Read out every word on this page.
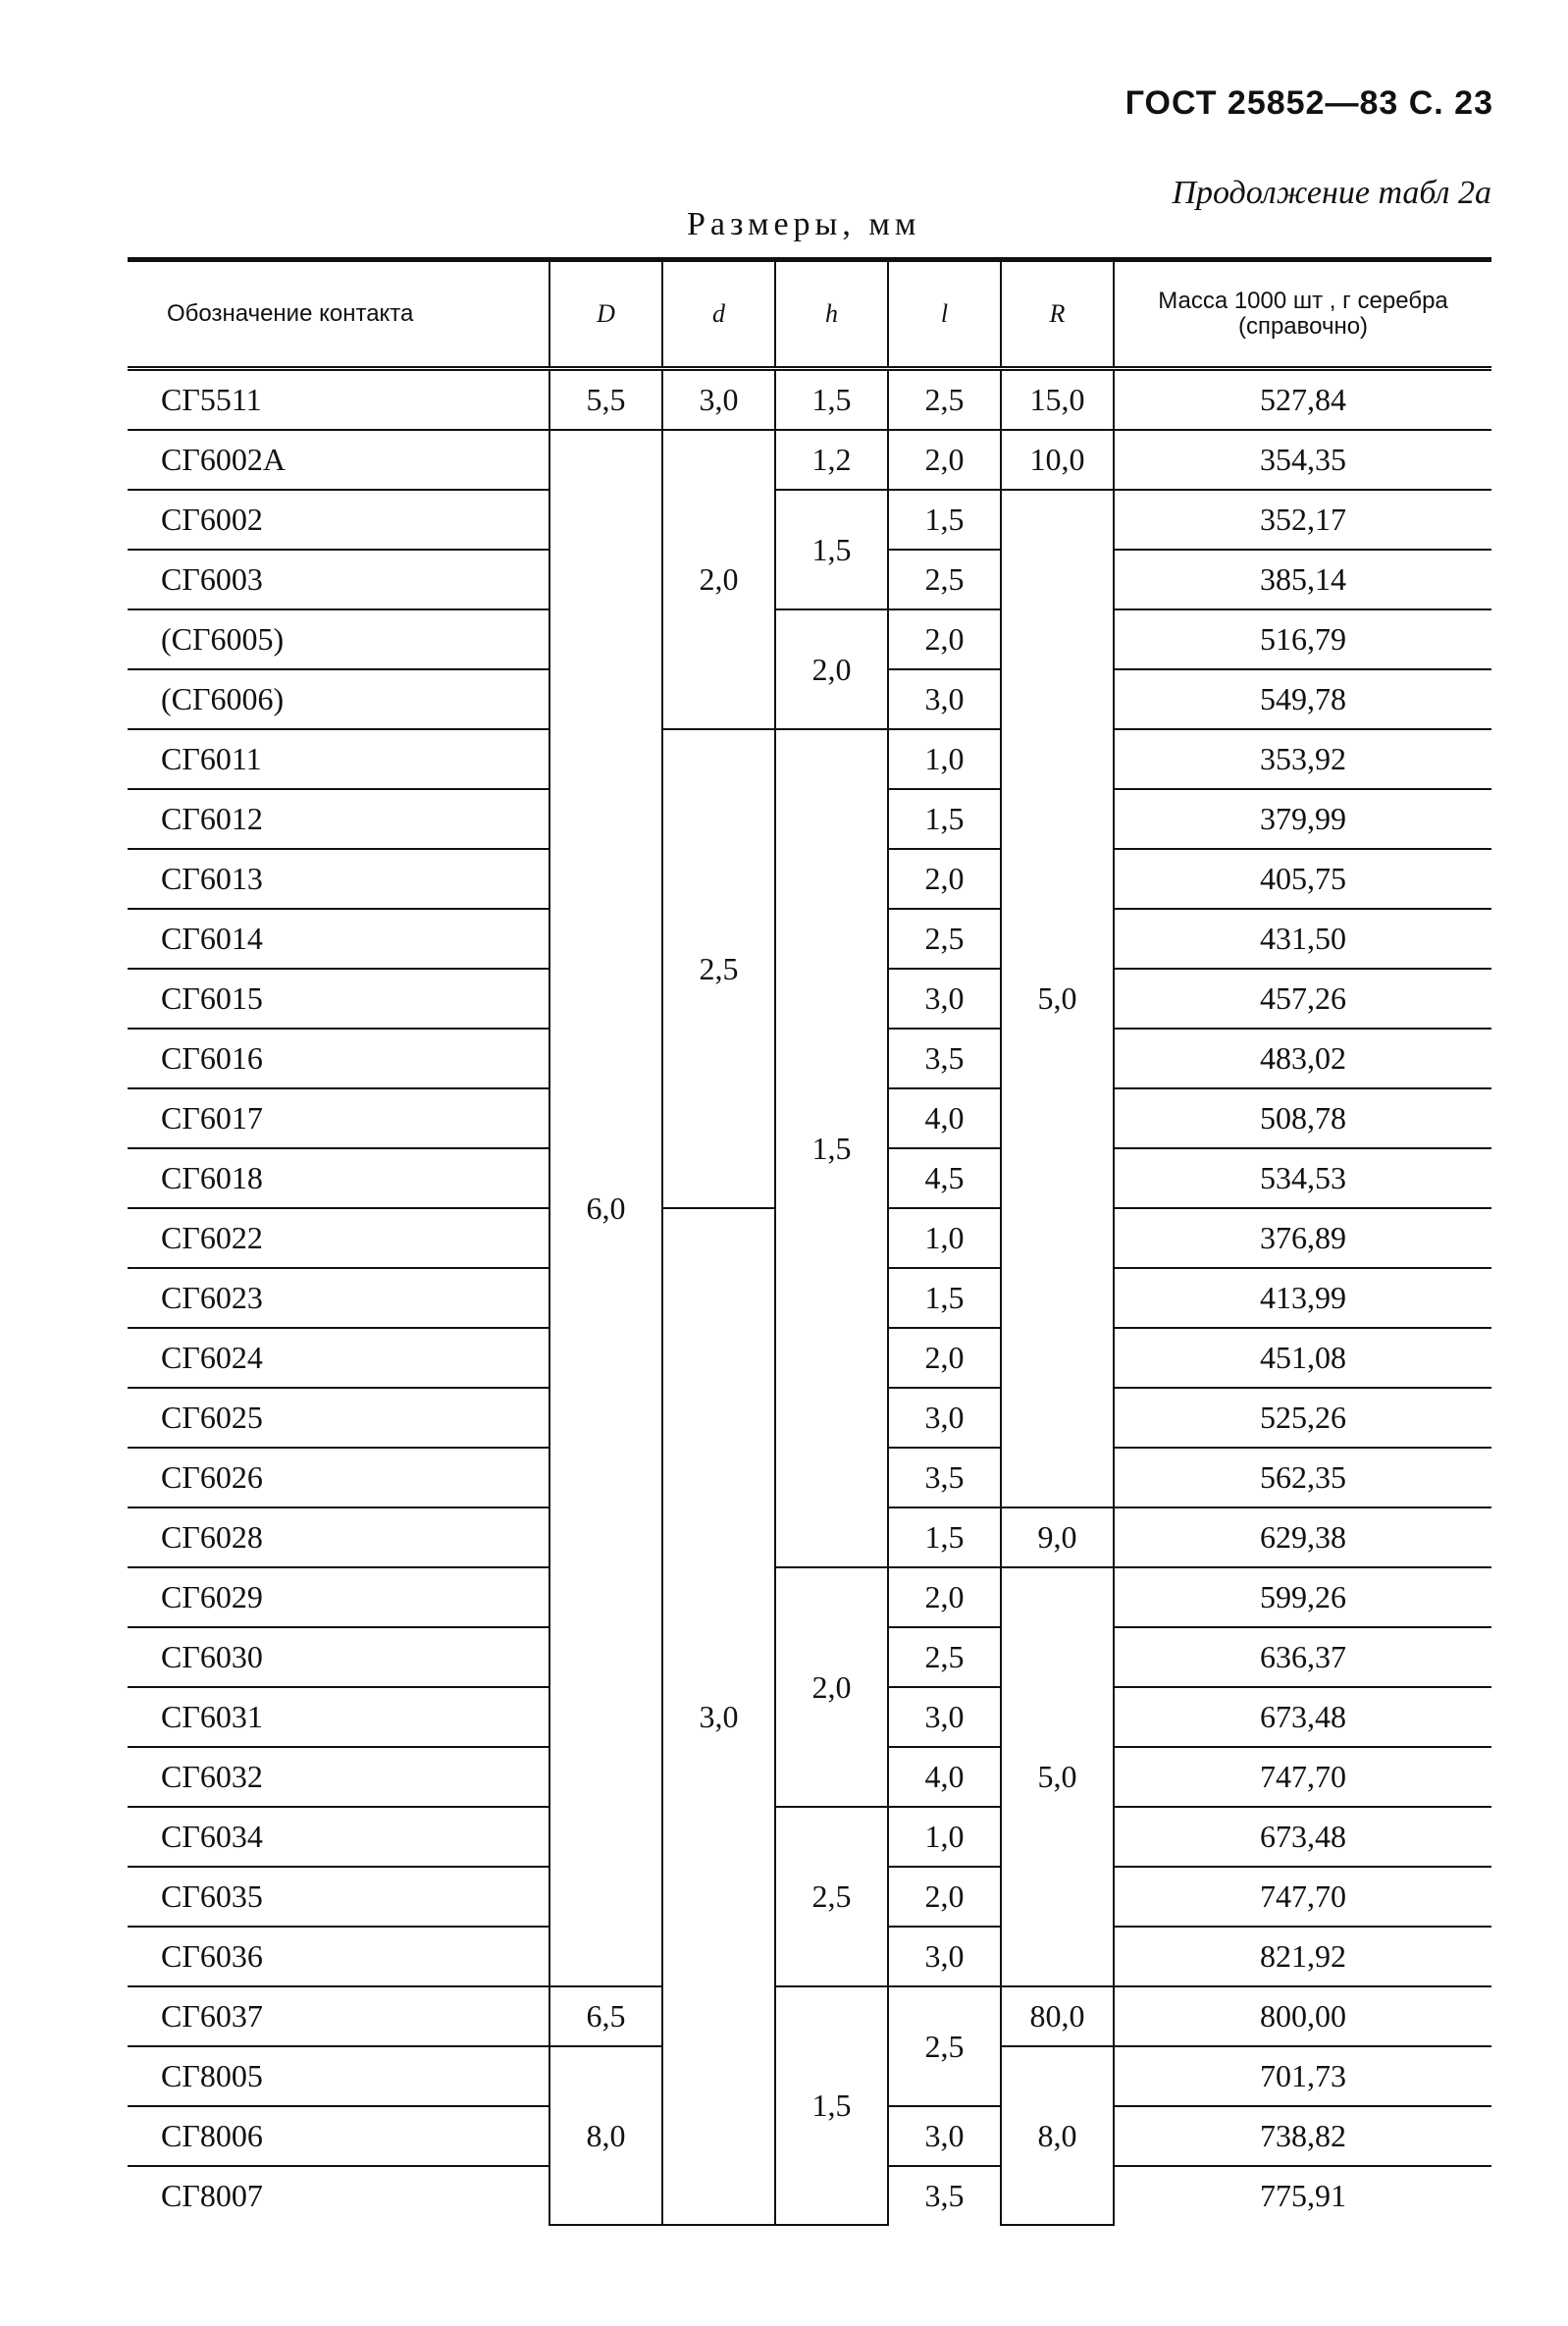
ГОСТ 25852—83 С. 23
Продолжение табл 2а
Размеры, мм
Обозначение контакта	D	d	h	l	R	Масса 1000 шт , г серебра (справочно)
СГ5511	5,5	3,0	1,5	2,5	15,0	527,84
СГ6002А	6,0	2,0	1,2	2,0	10,0	354,35
СГ6002			1,5	1,5	5,0	352,17
СГ6003				2,5		385,14
(СГ6005)			2,0	2,0		516,79
(СГ6006)				3,0		549,78
СГ6011		2,5	1,5	1,0		353,92
СГ6012				1,5		379,99
СГ6013				2,0		405,75
СГ6014				2,5		431,50
СГ6015				3,0		457,26
СГ6016				3,5		483,02
СГ6017				4,0		508,78
СГ6018				4,5		534,53
СГ6022		3,0		1,0		376,89
СГ6023				1,5		413,99
СГ6024				2,0		451,08
СГ6025				3,0		525,26
СГ6026				3,5		562,35
СГ6028				1,5	9,0	629,38
СГ6029			2,0	2,0	5,0	599,26
СГ6030				2,5		636,37
СГ6031				3,0		673,48
СГ6032				4,0		747,70
СГ6034			2,5	1,0		673,48
СГ6035				2,0		747,70
СГ6036				3,0		821,92
СГ6037	6,5		1,5	2,5	80,0	800,00
СГ8005	8,0				8,0	701,73
СГ8006				3,0		738,82
СГ8007				3,5		775,91
